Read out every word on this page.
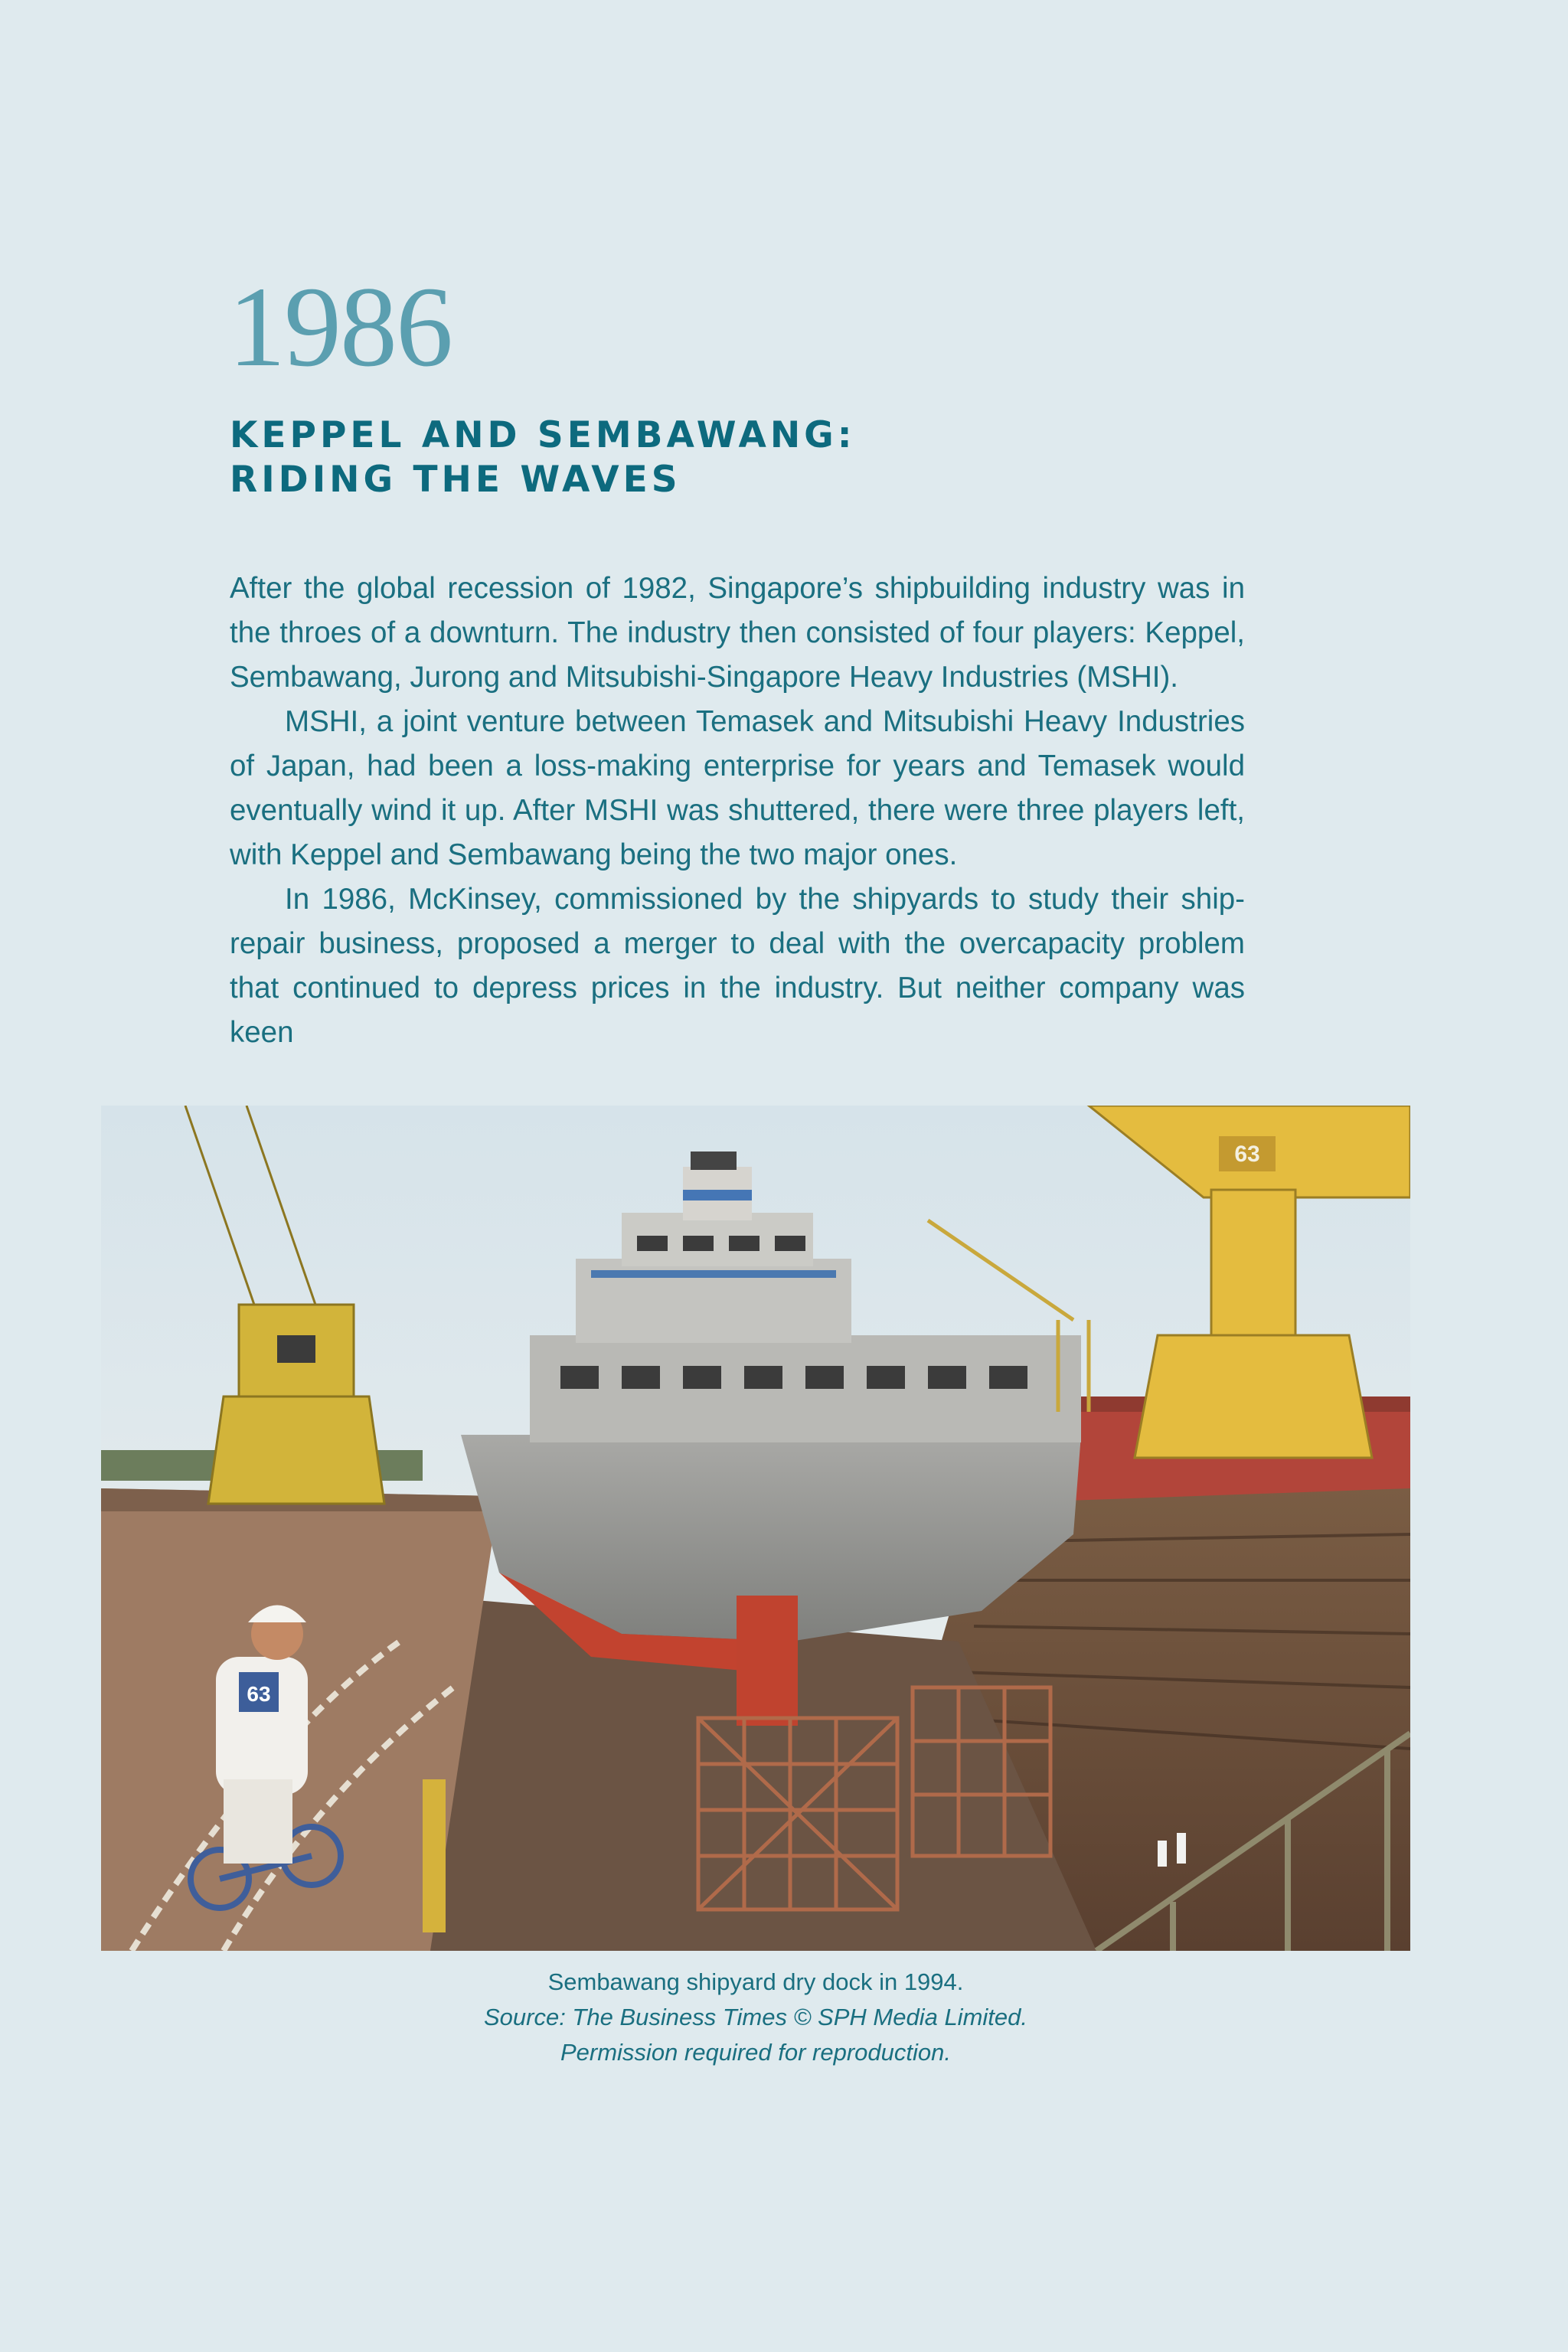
1986
KEPPEL AND SEMBAWANG:
RIDING THE WAVES

After the global recession of 1982, Singapore’s shipbuilding industry was in the throes of a downturn. The industry then consisted of four players: Keppel, Sembawang, Jurong and Mitsubishi-Singapore Heavy Industries (MSHI).

MSHI, a joint venture between Temasek and Mitsubishi Heavy Industries of Japan, had been a loss-making enterprise for years and Temasek would eventually wind it up. After MSHI was shuttered, there were three players left, with Keppel and Sembawang being the two major ones.

In 1986, McKinsey, commissioned by the shipyards to study their ship-repair business, proposed a merger to deal with the overcapacity problem that continued to depress prices in the industry. But neither company was keen

63
63
Sembawang shipyard dry dock in 1994.
Source: The Business Times © SPH Media Limited.
Permission required for reproduction.
